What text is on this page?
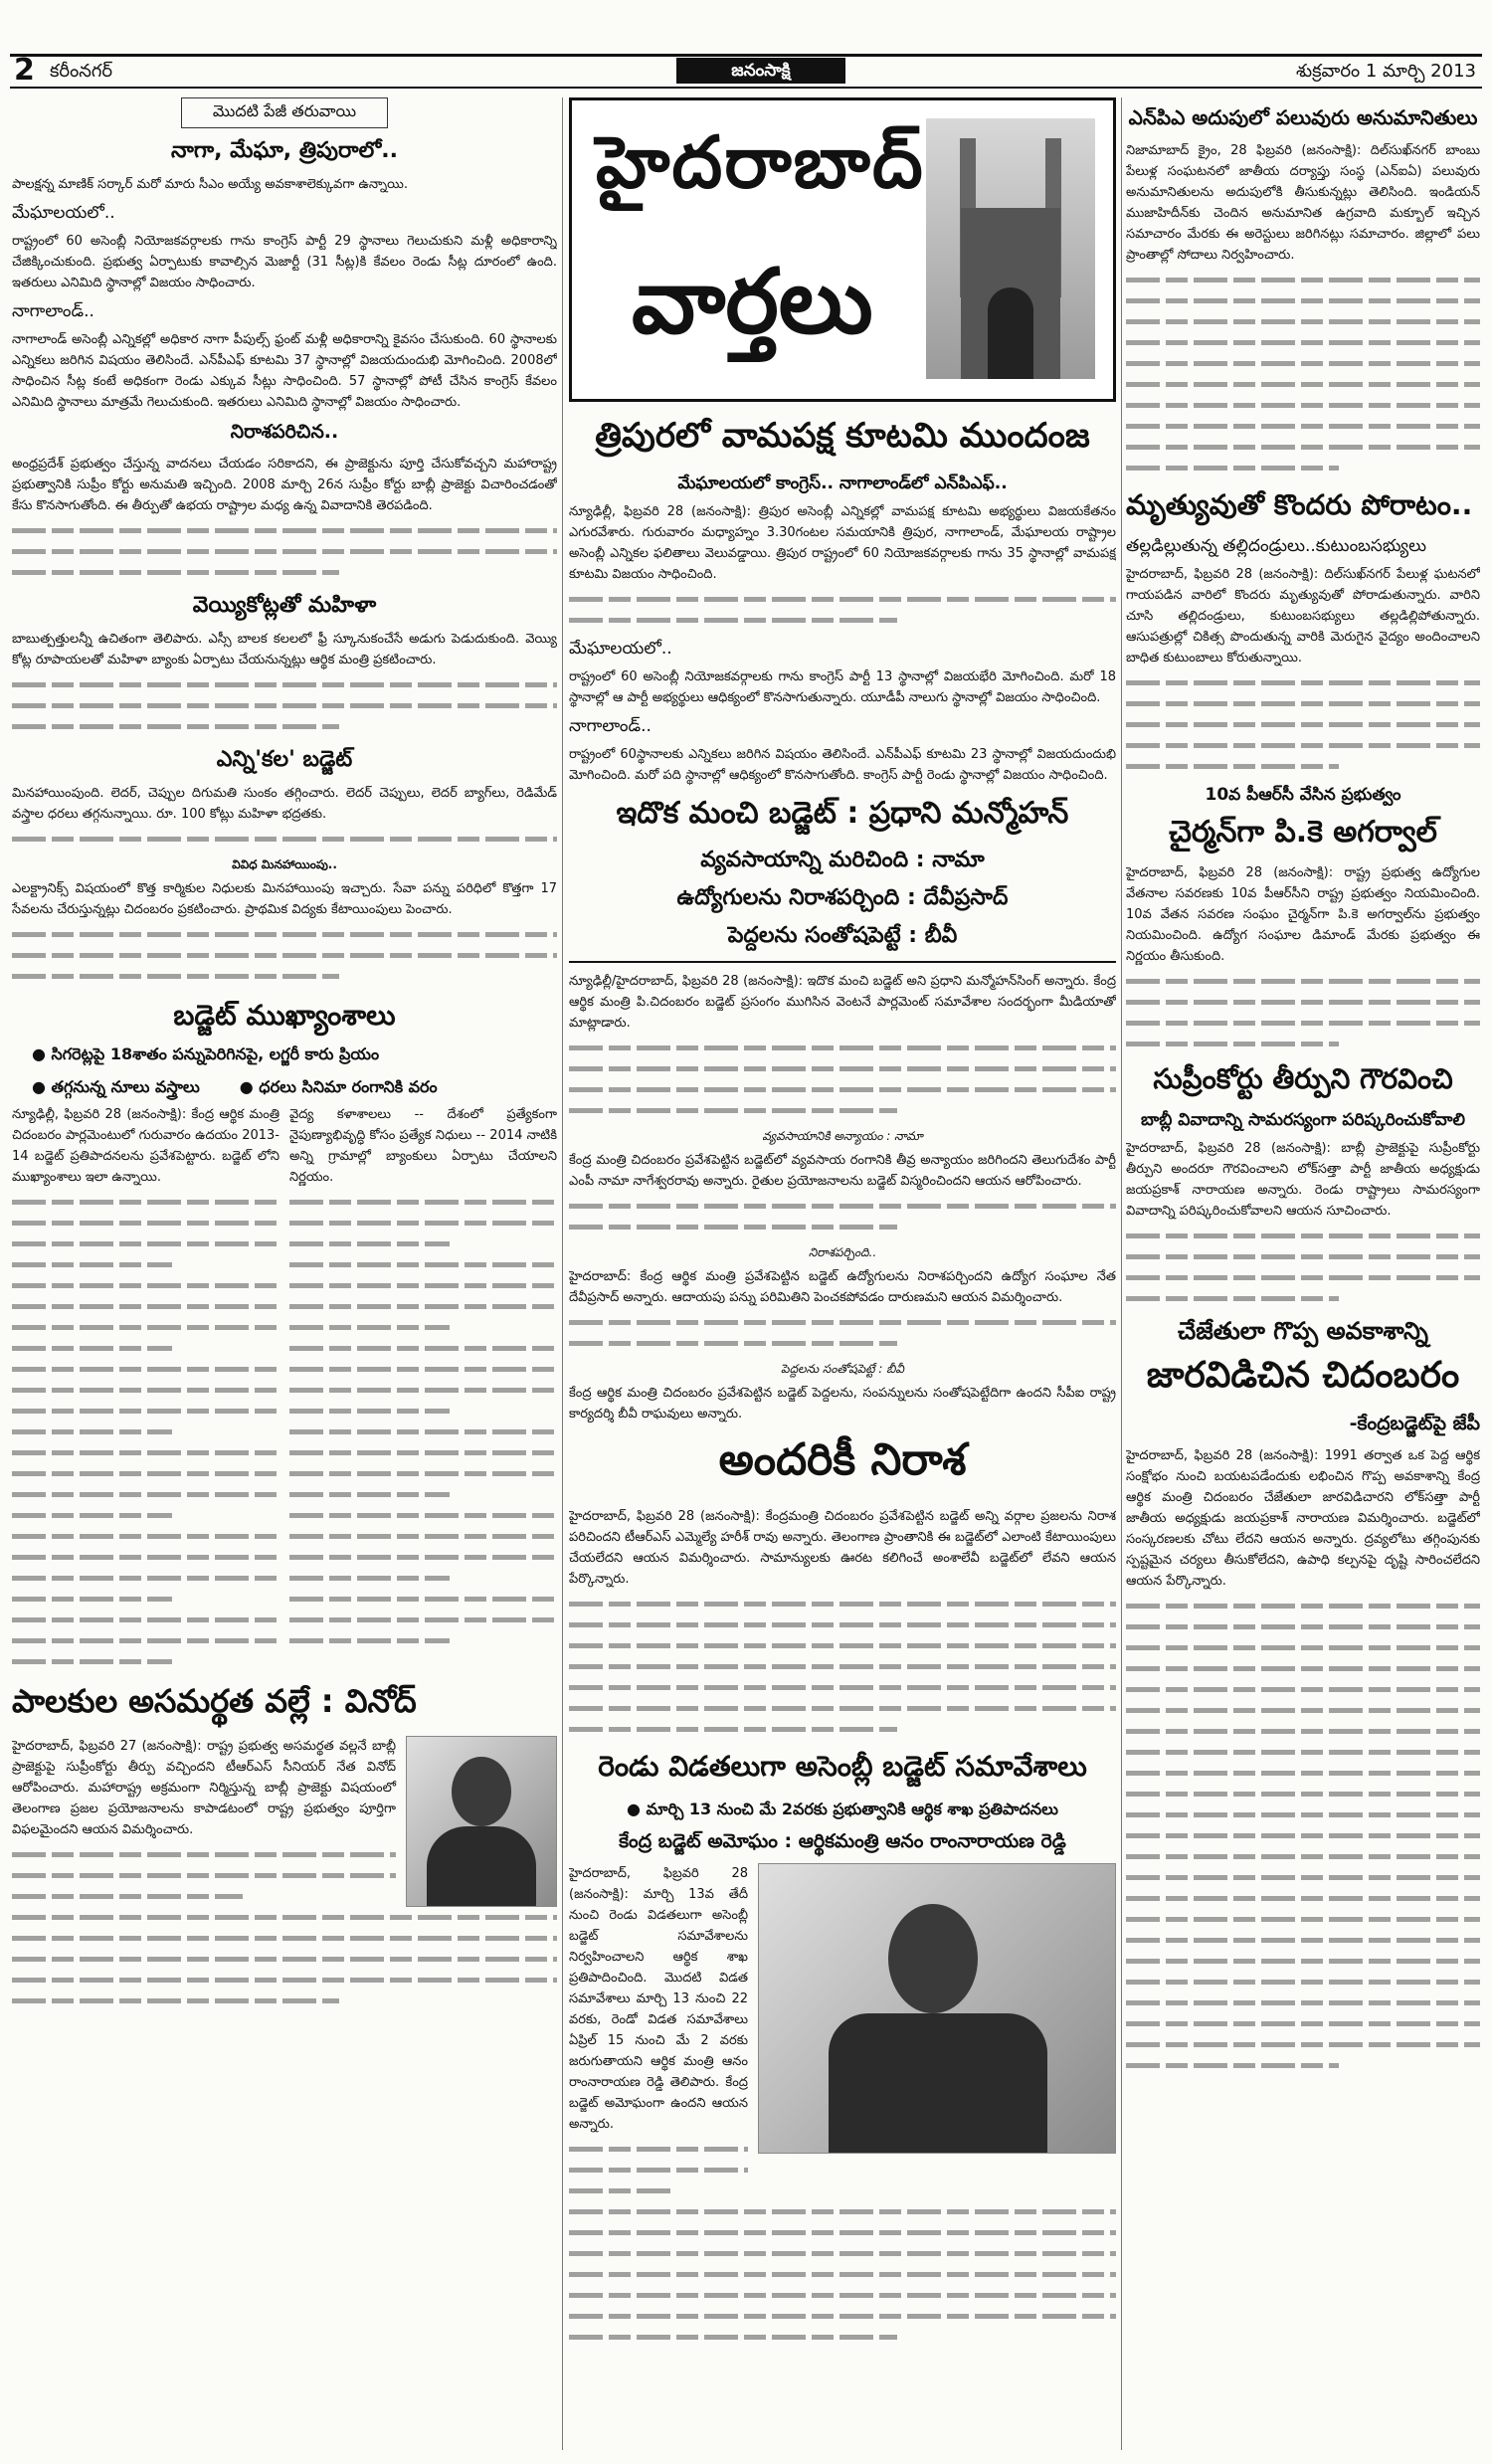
2 కరీంనగర్	జనంసాక్షి	శుక్రవారం 1 మార్చి 2013
మొదటి పేజీ తరువాయి
నాగా, మేఘా, త్రిపురాలో..

పాలక్షన్న మాణిక్ సర్కార్ మరో మారు సీఎం అయ్యే అవకాశాలెక్కువగా ఉన్నాయి.

మేఘాలయలో..

రాష్ట్రంలో 60 అసెంబ్లీ నియోజకవర్గాలకు గాను కాంగ్రెస్ పార్టీ 29 స్థానాలు గెలుచుకుని మళ్లీ అధికారాన్ని చేజిక్కించుకుంది. ప్రభుత్వ ఏర్పాటుకు కావాల్సిన మెజార్టీ (31 సీట్ల)కి కేవలం రెండు సీట్ల దూరంలో ఉంది. ఇతరులు ఎనిమిది స్థానాల్లో విజయం సాధించారు.

నాగాలాండ్..

నాగాలాండ్ అసెంబ్లీ ఎన్నికల్లో అధికార నాగా పీపుల్స్ ఫ్రంట్ మళ్లీ అధికారాన్ని కైవసం చేసుకుంది. 60 స్థానాలకు ఎన్నికలు జరిగిన విషయం తెలిసిందే. ఎన్‌పీఎఫ్ కూటమి 37 స్థానాల్లో విజయదుందుభి మోగించింది. 2008లో సాధించిన సీట్ల కంటే అధికంగా రెండు ఎక్కువ సీట్లు సాధించింది. 57 స్థానాల్లో పోటీ చేసిన కాంగ్రెస్ కేవలం ఎనిమిది స్థానాలు మాత్రమే గెలుచుకుంది. ఇతరులు ఎనిమిది స్థానాల్లో విజయం సాధించారు.

నిరాశపరిచిన..

అంధ్రప్రదేశ్ ప్రభుత్వం చేస్తున్న వాదనలు చేయడం సరికాదని, ఈ ప్రాజెక్టును పూర్తి చేసుకోవచ్చని మహారాష్ట్ర ప్రభుత్వానికి సుప్రీం కోర్టు అనుమతి ఇచ్చింది. 2008 మార్చి 26న సుప్రీం కోర్టు బాబ్లీ ప్రాజెక్టు విచారించడంతో కేసు కొనసాగుతోంది. ఈ తీర్పుతో ఉభయ రాష్ట్రాల మధ్య ఉన్న వివాదానికి తెరపడింది.

వెయ్యికోట్లతో మహిళా

బాబుత్పత్తులన్నీ ఉచితంగా తెలిపారు. ఎస్సీ బాలక కలలలో ఫ్రీ స్కూనుకంచేసే అడుగు పెడుదుకుంది. వెయ్యి కోట్ల రూపాయలతో మహిళా బ్యాంకు ఏర్పాటు చేయనున్నట్లు ఆర్థిక మంత్రి ప్రకటించారు.

ఎన్ని'కల' బడ్జెట్

మినహాయింపుంది. లెదర్, చెప్పుల దిగుమతి సుంకం తగ్గించారు. లెదర్ చెప్పులు, లెదర్ బ్యాగ్‌లు, రెడిమేడ్ వస్త్రాల ధరలు తగ్గనున్నాయి. రూ. 100 కోట్లు మహిళా భద్రతకు.

వివిధ మినహాయింపు..

ఎలక్ట్రానిక్స్ విషయంలో కొత్త కార్మికుల నిధులకు మినహాయింపు ఇచ్చారు. సేవా పన్ను పరిధిలో కొత్తగా 17 సేవలను చేరుస్తున్నట్లు చిదంబరం ప్రకటించారు. ప్రాథమిక విద్యకు కేటాయింపులు పెంచారు.

బడ్జెట్ ముఖ్యాంశాలు
● సిగరెట్లపై 18శాతం పన్నుపెరిగినపై, లగ్జరీ కారు ప్రియం
● తగ్గనున్న నూలు వస్త్రాలు
●	ధరలు సినిమా రంగానికి వరం

న్యూఢిల్లీ, ఫిబ్రవరి 28 (జనంసాక్షి): కేంద్ర ఆర్థిక మంత్రి చిదంబరం పార్లమెంటులో గురువారం ఉదయం 2013-14 బడ్జెట్ ప్రతిపాదనలను ప్రవేశపెట్టారు. బడ్జెట్ లోని ముఖ్యాంశాలు ఇలా ఉన్నాయి.

వైద్య కళాశాలలు -- దేశంలో ప్రత్యేకంగా నైపుణ్యాభివృద్ధి కోసం ప్రత్యేక నిధులు -- 2014 నాటికి అన్ని గ్రామాల్లో బ్యాంకులు ఏర్పాటు చేయాలని నిర్ణయం.

పాలకుల అసమర్థత వల్లే : వినోద్

హైదరాబాద్, ఫిబ్రవరి 27 (జనంసాక్షి): రాష్ట్ర ప్రభుత్వ అసమర్థత వల్లనే బాబ్లీ ప్రాజెక్టుపై సుప్రీంకోర్టు తీర్పు వచ్చిందని టీఆర్ఎస్ సీనియర్ నేత వినోద్ ఆరోపించారు. మహారాష్ట్ర అక్రమంగా నిర్మిస్తున్న బాబ్లీ ప్రాజెక్టు విషయంలో తెలంగాణ ప్రజల ప్రయోజనాలను కాపాడటంలో రాష్ట్ర ప్రభుత్వం పూర్తిగా విఫలమైందని ఆయన విమర్శించారు.

హైదరాబాద్
వార్తలు
త్రిపురలో వామపక్ష కూటమి ముందంజ
మేఘాలయలో కాంగ్రెస్.. నాగాలాండ్‌లో ఎన్‌పిఎఫ్..

న్యూఢిల్లీ, ఫిబ్రవరి 28 (జనంసాక్షి): త్రిపుర అసెంబ్లీ ఎన్నికల్లో వామపక్ష కూటమి అభ్యర్థులు విజయకేతనం ఎగురవేశారు. గురువారం మధ్యాహ్నం 3.30గంటల సమయానికి త్రిపుర, నాగాలాండ్, మేఘాలయ రాష్ట్రాల అసెంబ్లీ ఎన్నికల ఫలితాలు వెలువడ్డాయి. త్రిపుర రాష్ట్రంలో 60 నియోజకవర్గాలకు గాను 35 స్థానాల్లో వామపక్ష కూటమి విజయం సాధించింది.

మేఘాలయలో..

రాష్ట్రంలో 60 అసెంబ్లీ నియోజకవర్గాలకు గాను కాంగ్రెస్ పార్టీ 13 స్థానాల్లో విజయభేరి మోగించింది. మరో 18 స్థానాల్లో ఆ పార్టీ అభ్యర్థులు ఆధిక్యంలో కొనసాగుతున్నారు. యూడీపీ నాలుగు స్థానాల్లో విజయం సాధించింది.

నాగాలాండ్..

రాష్ట్రంలో 60స్థానాలకు ఎన్నికలు జరిగిన విషయం తెలిసిందే. ఎన్‌పీఎఫ్ కూటమి 23 స్థానాల్లో విజయదుందుభి మోగించింది. మరో పది స్థానాల్లో ఆధిక్యంలో కొనసాగుతోంది. కాంగ్రెస్ పార్టీ రెండు స్థానాల్లో విజయం సాధించింది.

ఇదొక మంచి బడ్జెట్ : ప్రధాని మన్మోహన్
వ్యవసాయాన్ని మరిచింది : నామా
ఉద్యోగులను నిరాశపర్చింది : దేవీప్రసాద్
పెద్దలను సంతోషపెట్టే : బీవీ

న్యూఢిల్లీ/హైదరాబాద్, ఫిబ్రవరి 28 (జనంసాక్షి): ఇదొక మంచి బడ్జెట్ అని ప్రధాని మన్మోహన్‌సింగ్ అన్నారు. కేంద్ర ఆర్థిక మంత్రి పి.చిదంబరం బడ్జెట్ ప్రసంగం ముగిసిన వెంటనే పార్లమెంట్ సమావేశాల సందర్భంగా మీడియాతో మాట్లాడారు.

వ్యవసాయానికి అన్యాయం : నామా

కేంద్ర మంత్రి చిదంబరం ప్రవేశపెట్టిన బడ్జెట్‌లో వ్యవసాయ రంగానికి తీవ్ర అన్యాయం జరిగిందని తెలుగుదేశం పార్టీ ఎంపీ నామా నాగేశ్వరరావు అన్నారు. రైతుల ప్రయోజనాలను బడ్జెట్ విస్మరించిందని ఆయన ఆరోపించారు.

నిరాశపర్చింది..

హైదరాబాద్: కేంద్ర ఆర్థిక మంత్రి ప్రవేశపెట్టిన బడ్జెట్ ఉద్యోగులను నిరాశపర్చిందని ఉద్యోగ సంఘాల నేత దేవీప్రసాద్ అన్నారు. ఆదాయపు పన్ను పరిమితిని పెంచకపోవడం దారుణమని ఆయన విమర్శించారు.

పెద్దలను సంతోషపెట్టే : బీవీ

కేంద్ర ఆర్థిక మంత్రి చిదంబరం ప్రవేశపెట్టిన బడ్జెట్ పెద్దలను, సంపన్నులను సంతోషపెట్టేదిగా ఉందని సీపీఐ రాష్ట్ర కార్యదర్శి బీవీ రాఘవులు అన్నారు.

అందరికీ నిరాశ

హైదరాబాద్, ఫిబ్రవరి 28 (జనంసాక్షి): కేంద్రమంత్రి చిదంబరం ప్రవేశపెట్టిన బడ్జెట్ అన్ని వర్గాల ప్రజలను నిరాశ పరిచిందని టీఆర్ఎస్ ఎమ్మెల్యే హరీశ్ రావు అన్నారు. తెలంగాణ ప్రాంతానికి ఈ బడ్జెట్‌లో ఎలాంటి కేటాయింపులు చేయలేదని ఆయన విమర్శించారు. సామాన్యులకు ఊరట కలిగించే అంశాలేవీ బడ్జెట్‌లో లేవని ఆయన పేర్కొన్నారు.

రెండు విడతలుగా అసెంబ్లీ బడ్జెట్ సమావేశాలు
● మార్చి 13 నుంచి మే 2వరకు ప్రభుత్వానికి ఆర్థిక శాఖ ప్రతిపాదనలు
కేంద్ర బడ్జెట్ అమోఘం : ఆర్థికమంత్రి ఆనం రాంనారాయణ రెడ్డి

హైదరాబాద్, ఫిబ్రవరి 28 (జనంసాక్షి): మార్చి 13వ తేదీ నుంచి రెండు విడతలుగా అసెంబ్లీ బడ్జెట్ సమావేశాలను నిర్వహించాలని ఆర్థిక శాఖ ప్రతిపాదించింది. మొదటి విడత సమావేశాలు మార్చి 13 నుంచి 22 వరకు, రెండో విడత సమావేశాలు ఏప్రిల్ 15 నుంచి మే 2 వరకు జరుగుతాయని ఆర్థిక మంత్రి ఆనం రాంనారాయణ రెడ్డి తెలిపారు. కేంద్ర బడ్జెట్ అమోఘంగా ఉందని ఆయన అన్నారు.

ఎన్‌పిఎ అదుపులో పలువురు అనుమానితులు

నిజామాబాద్ క్రైం, 28 ఫిబ్రవరి (జనంసాక్షి): దిల్‌సుఖ్‌నగర్ బాంబు పేలుళ్ల సంఘటనలో జాతీయ దర్యాప్తు సంస్థ (ఎన్ఐఏ) పలువురు అనుమానితులను అదుపులోకి తీసుకున్నట్లు తెలిసింది. ఇండియన్ ముజాహిదీన్‌కు చెందిన అనుమానిత ఉగ్రవాది మక్బూల్ ఇచ్చిన సమాచారం మేరకు ఈ అరెస్టులు జరిగినట్లు సమాచారం. జిల్లాలో పలు ప్రాంతాల్లో సోదాలు నిర్వహించారు.

మృత్యువుతో కొందరు పోరాటం..
తల్లడిల్లుతున్న తల్లిదండ్రులు..కుటుంబసభ్యులు

హైదరాబాద్, ఫిబ్రవరి 28 (జనంసాక్షి): దిల్‌సుఖ్‌నగర్ పేలుళ్ల ఘటనలో గాయపడిన వారిలో కొందరు మృత్యువుతో పోరాడుతున్నారు. వారిని చూసి తల్లిదండ్రులు, కుటుంబసభ్యులు తల్లడిల్లిపోతున్నారు. ఆసుపత్రుల్లో చికిత్స పొందుతున్న వారికి మెరుగైన వైద్యం అందించాలని బాధిత కుటుంబాలు కోరుతున్నాయి.

10వ పీఆర్‌సీ వేసిన ప్రభుత్వం
చైర్మన్‌గా పి.కె అగర్వాల్

హైదరాబాద్, ఫిబ్రవరి 28 (జనంసాక్షి): రాష్ట్ర ప్రభుత్వ ఉద్యోగుల వేతనాల సవరణకు 10వ పీఆర్‌సీని రాష్ట్ర ప్రభుత్వం నియమించింది. 10వ వేతన సవరణ సంఘం చైర్మన్‌గా పి.కె అగర్వాల్‌ను ప్రభుత్వం నియమించింది. ఉద్యోగ సంఘాల డిమాండ్ మేరకు ప్రభుత్వం ఈ నిర్ణయం తీసుకుంది.

సుప్రీంకోర్టు తీర్పుని గౌరవించి
బాబ్లీ వివాదాన్ని సామరస్యంగా పరిష్కరించుకోవాలి

హైదరాబాద్, ఫిబ్రవరి 28 (జనంసాక్షి): బాబ్లీ ప్రాజెక్టుపై సుప్రీంకోర్టు తీర్పుని అందరూ గౌరవించాలని లోక్‌సత్తా పార్టీ జాతీయ అధ్యక్షుడు జయప్రకాశ్ నారాయణ అన్నారు. రెండు రాష్ట్రాలు సామరస్యంగా వివాదాన్ని పరిష్కరించుకోవాలని ఆయన సూచించారు.

చేజేతులా గొప్ప అవకాశాన్ని
జారవిడిచిన చిదంబరం
-కేంద్రబడ్జెట్‌పై జేపీ

హైదరాబాద్, ఫిబ్రవరి 28 (జనంసాక్షి): 1991 తర్వాత ఒక పెద్ద ఆర్థిక సంక్షోభం నుంచి బయటపడేందుకు లభించిన గొప్ప అవకాశాన్ని కేంద్ర ఆర్థిక మంత్రి చిదంబరం చేజేతులా జారవిడిచారని లోక్‌సత్తా పార్టీ జాతీయ అధ్యక్షుడు జయప్రకాశ్ నారాయణ విమర్శించారు. బడ్జెట్‌లో సంస్కరణలకు చోటు లేదని ఆయన అన్నారు. ద్రవ్యలోటు తగ్గింపునకు స్పష్టమైన చర్యలు తీసుకోలేదని, ఉపాధి కల్పనపై దృష్టి సారించలేదని ఆయన పేర్కొన్నారు.
